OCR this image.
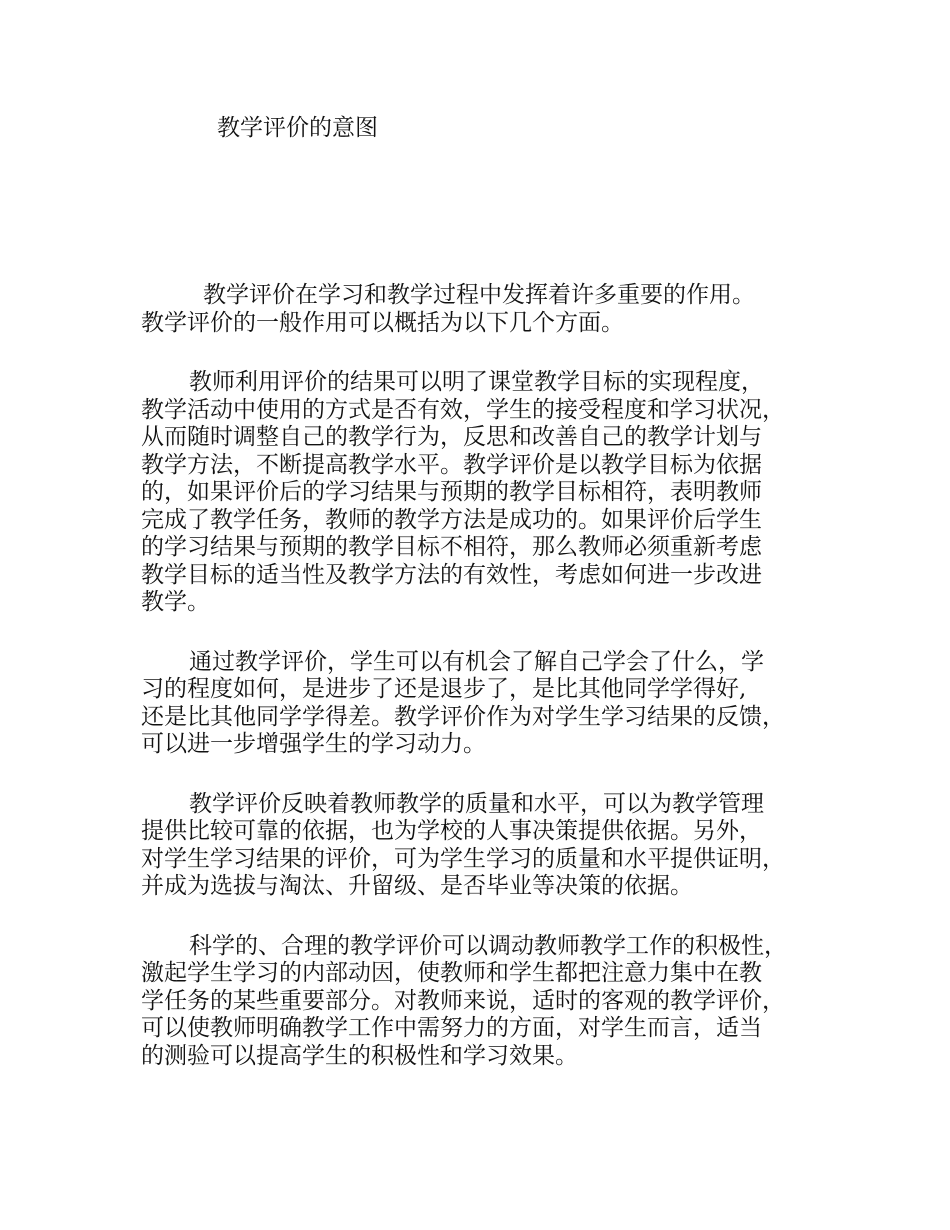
教学评价的意图

教学评价在学习和教学过程中发挥着许多重要的作用。
教学评价的一般作用可以概括为以下几个方面。

教师利用评价的结果可以明了课堂教学目标的实现程度，
教学活动中使用的方式是否有效，学生的接受程度和学习状况，
从而随时调整自己的教学行为，反思和改善自己的教学计划与
教学方法，不断提高教学水平。教学评价是以教学目标为依据
的，如果评价后的学习结果与预期的教学目标相符，表明教师
完成了教学任务，教师的教学方法是成功的。如果评价后学生
的学习结果与预期的教学目标不相符，那么教师必须重新考虑
教学目标的适当性及教学方法的有效性，考虑如何进一步改进
教学。

通过教学评价，学生可以有机会了解自己学会了什么，学
习的程度如何，是进步了还是退步了，是比其他同学学得好,
还是比其他同学学得差。教学评价作为对学生学习结果的反馈，
可以进一步增强学生的学习动力。

教学评价反映着教师教学的质量和水平，可以为教学管理
提供比较可靠的依据，也为学校的人事决策提供依据。另外，
对学生学习结果的评价，可为学生学习的质量和水平提供证明，
并成为选拔与淘汰、升留级、是否毕业等决策的依据。

科学的、合理的教学评价可以调动教师教学工作的积极性，
激起学生学习的内部动因，使教师和学生都把注意力集中在教
学任务的某些重要部分。对教师来说，适时的客观的教学评价，
可以使教师明确教学工作中需努力的方面，对学生而言，适当
的测验可以提高学生的积极性和学习效果。
